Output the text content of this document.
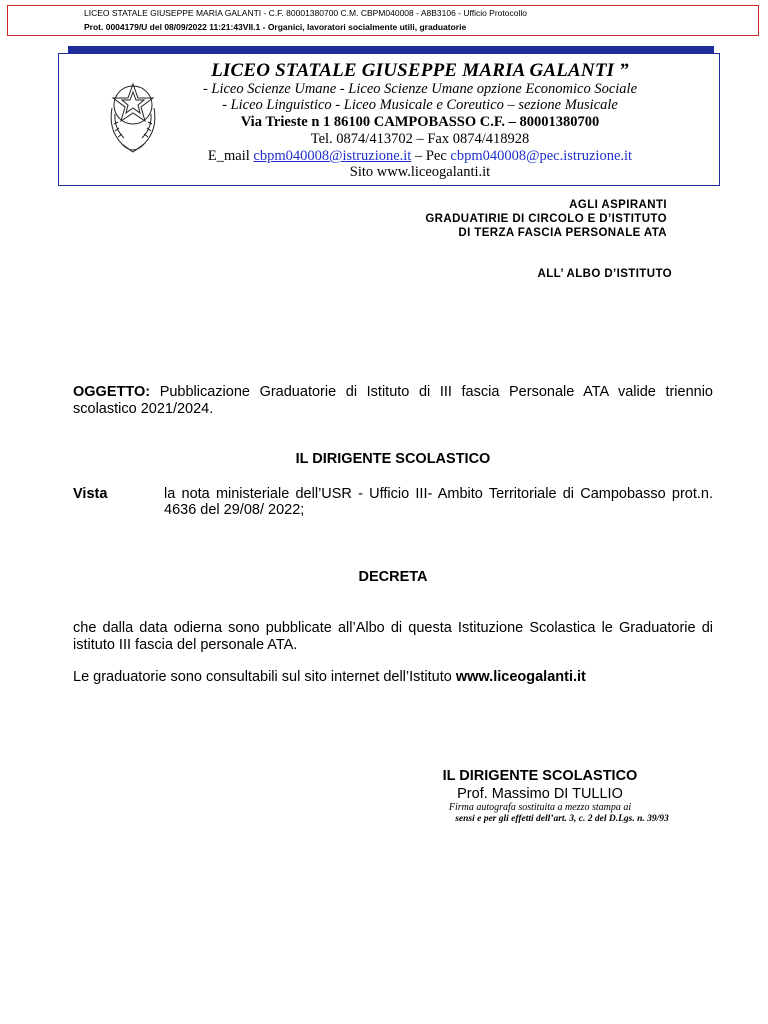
LICEO STATALE GIUSEPPE MARIA GALANTI - C.F. 80001380700 C.M. CBPM040008 - A8B3106 - Ufficio Protocollo
Prot. 0004179/U del 08/09/2022 11:21:43VII.1 - Organici, lavoratori socialmente utili, graduatorie
LICEO STATALE GIUSEPPE MARIA GALANTI ”
- Liceo Scienze Umane - Liceo Scienze Umane opzione Economico Sociale
- Liceo Linguistico - Liceo Musicale e Coreutico – sezione Musicale
Via Trieste n 1 86100 CAMPOBASSO C.F. – 80001380700
Tel. 0874/413702 – Fax 0874/418928
E_mail cbpm040008@istruzione.it – Pec cbpm040008@pec.istruzione.it
Sito www.liceogalanti.it
AGLI ASPIRANTI
GRADUATIRIE DI CIRCOLO E D’ISTITUTO
DI TERZA FASCIA PERSONALE ATA
ALL’ ALBO D’ISTITUTO
OGGETTO: Pubblicazione Graduatorie di Istituto di III fascia Personale ATA valide triennio scolastico 2021/2024.
IL DIRIGENTE SCOLASTICO
Vista	la nota ministeriale dell’USR - Ufficio III- Ambito Territoriale di Campobasso prot.n. 4636 del 29/08/ 2022;
DECRETA
che dalla data odierna sono pubblicate all’Albo di questa Istituzione Scolastica le Graduatorie di istituto III fascia del personale ATA.
Le graduatorie sono consultabili sul sito internet dell’Istituto www.liceogalanti.it
IL DIRIGENTE SCOLASTICO
Prof. Massimo DI TULLIO
Firma autografa sostituita a mezzo stampa ai
sensi e per gli effetti dell’art. 3, c. 2 del D.Lgs. n. 39/93
